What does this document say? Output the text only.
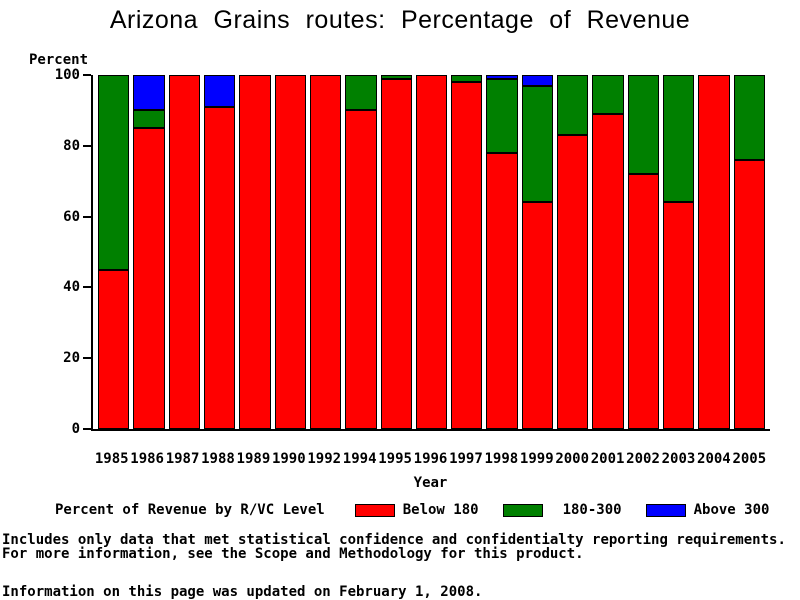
Arizona Grains routes: Percentage of Revenue
Percent
0
20
40
60
80
100
1985 1986 1987 1988 1989 1990 1992 1994 1995 1996 1997 1998 1999 2000 2001 2002 2003 2004 2005
Year
Percent of Revenue by R/VC Level	Below 180	180-300	Above 300
Includes only data that met statistical confidence and confidentialty reporting requirements.
For more information, see the Scope and Methodology for this product.
Information on this page was updated on February 1, 2008.
